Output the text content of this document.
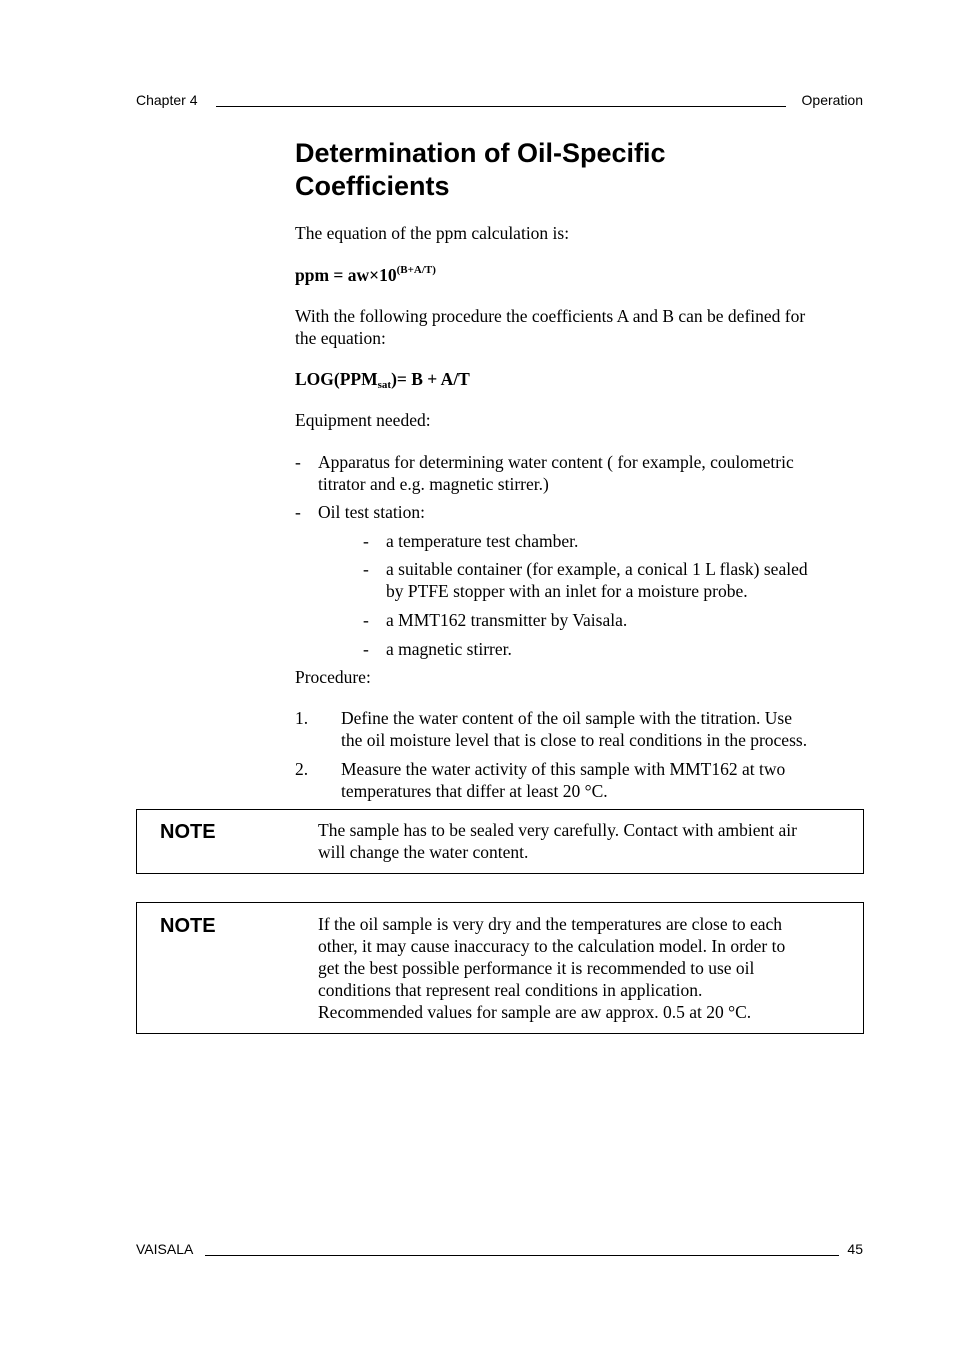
Chapter 4	Operation
Determination of Oil-Specific
Coefficients
The equation of the ppm calculation is:
ppm = $aw\times 10^{(B+A/T)}$
With the following procedure the coefficients A and B can be defined for
the equation:
$LOG(PPM_{sat})= B + A/T$
Equipment needed:
- Apparatus for determining water content ( for example, coulometric
titrator and e.g. magnetic stirrer.)
- Oil test station:
- a temperature test chamber.
- a suitable container (for example, a conical 1 L flask) sealed
by PTFE stopper with an inlet for a moisture probe.
- a MMT162 transmitter by Vaisala.
- a magnetic stirrer.
Procedure:
1. Define the water content of the oil sample with the titration. Use
the oil moisture level that is close to real conditions in the process.
2. Measure the water activity of this sample with MMT162 at two
temperatures that differ at least 20 °C.
NOTE	The sample has to be sealed very carefully. Contact with ambient air
will change the water content.
NOTE	If the oil sample is very dry and the temperatures are close to each
other, it may cause inaccuracy to the calculation model. In order to
get the best possible performance it is recommended to use oil
conditions that represent real conditions in application.
Recommended values for sample are aw approx. 0.5 at 20 °C.
VAISALA	45
